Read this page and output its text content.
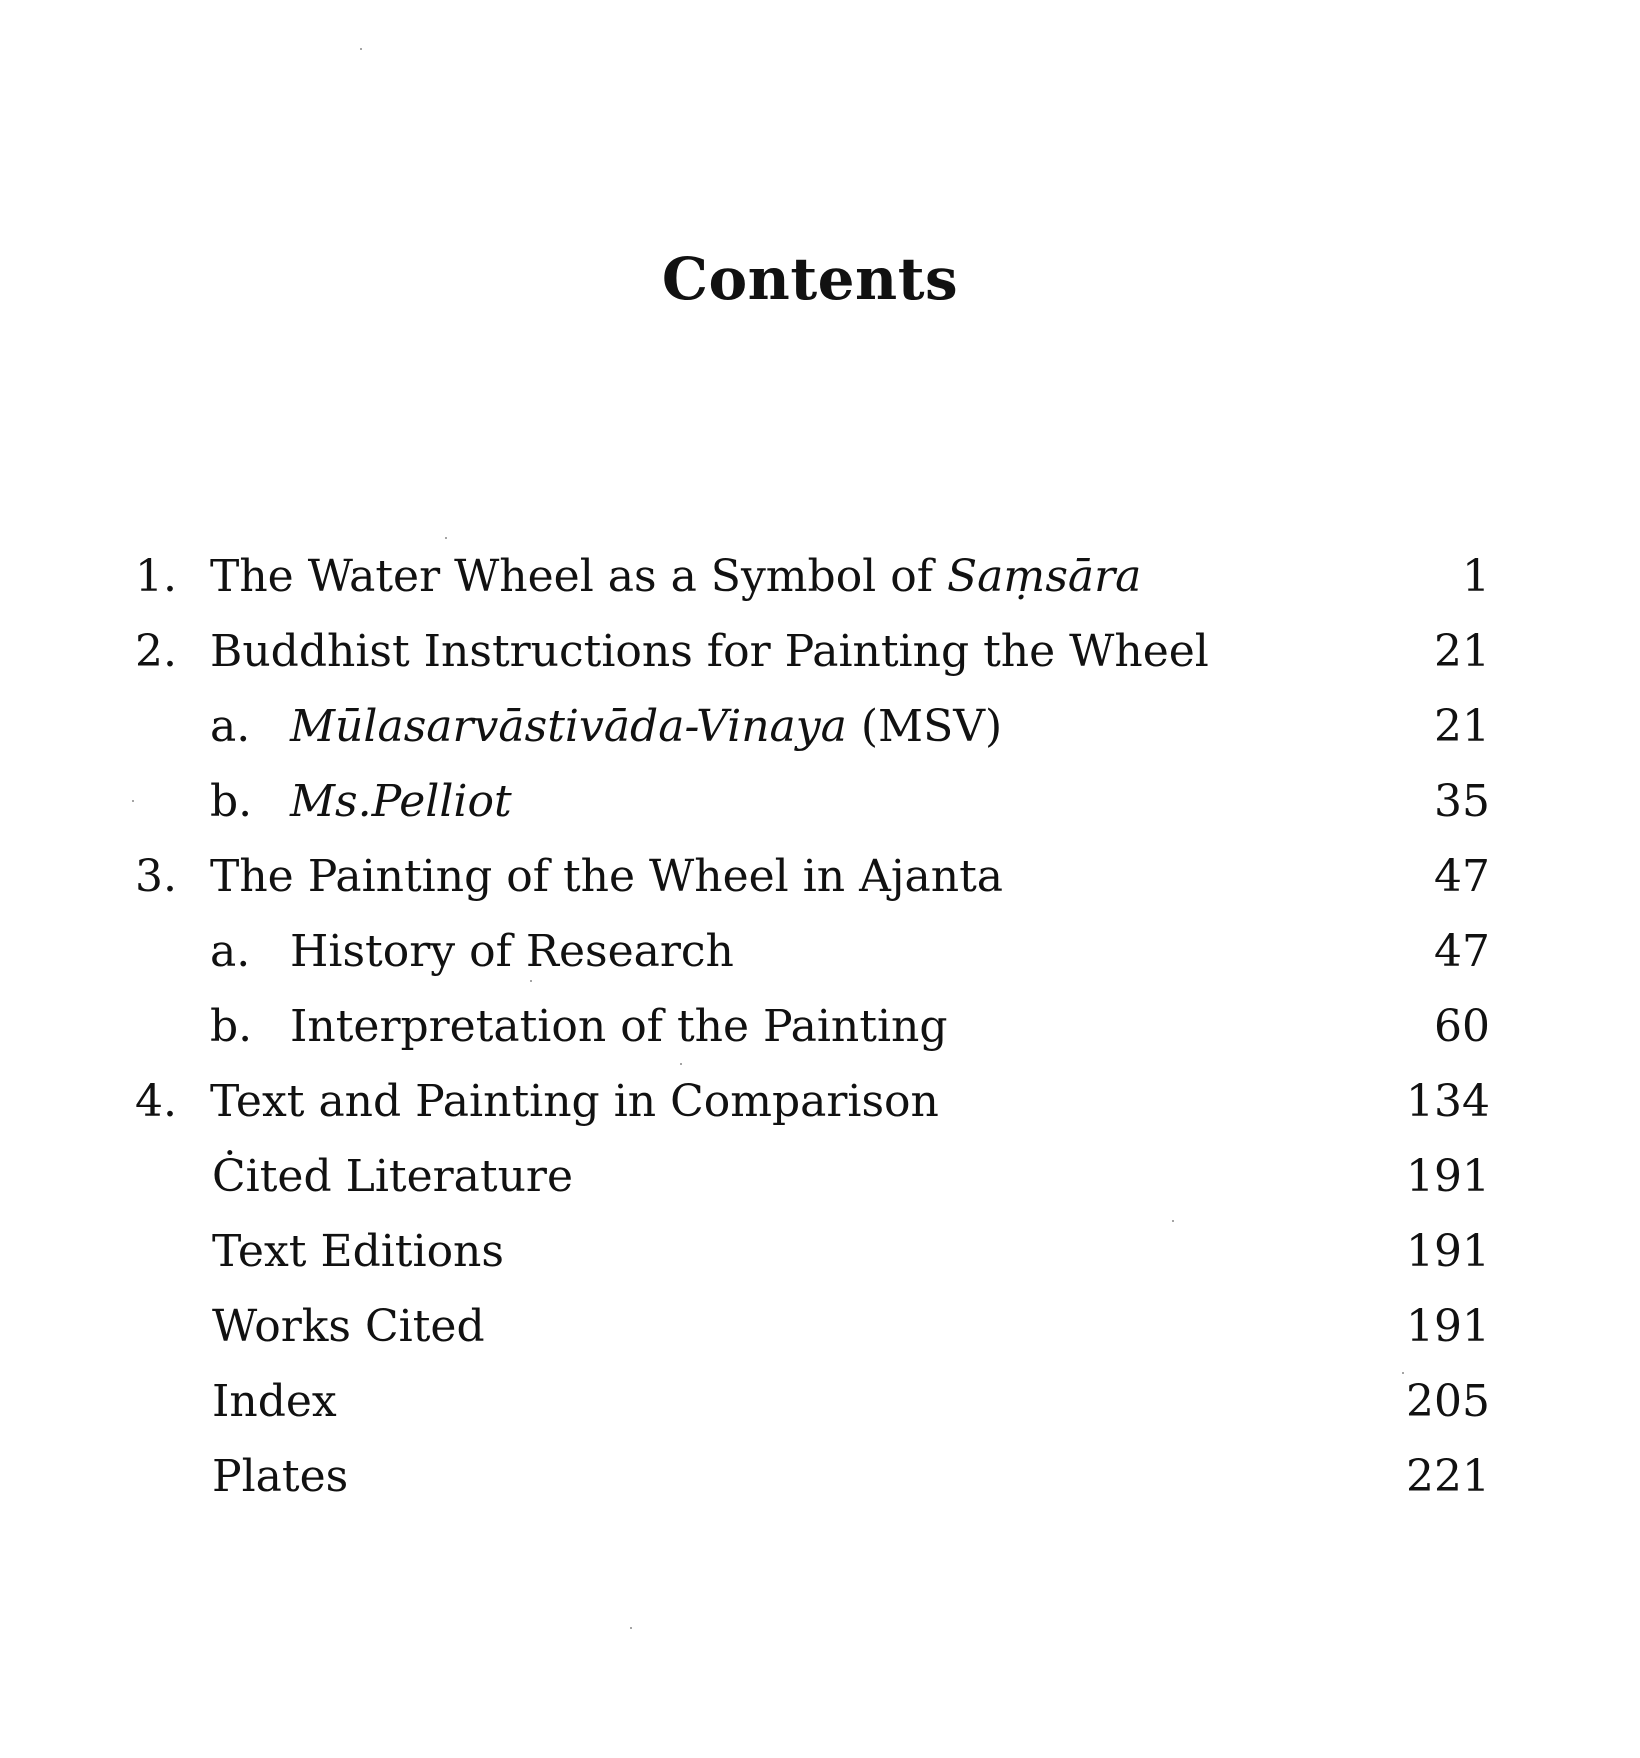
Contents
1. The Water Wheel as a Symbol of Saṃsāra	1
2. Buddhist Instructions for Painting the Wheel	21
a. Mūlasarvāstivāda-Vinaya (MSV)	21
b. Ms.Pelliot	35
3. The Painting of the Wheel in Ajanta	47
a. History of Research	47
b. Interpretation of the Painting	60
4. Text and Painting in Comparison	134
Ċited Literature	191
Text Editions	191
Works Cited	191
Index	205
Plates	221
